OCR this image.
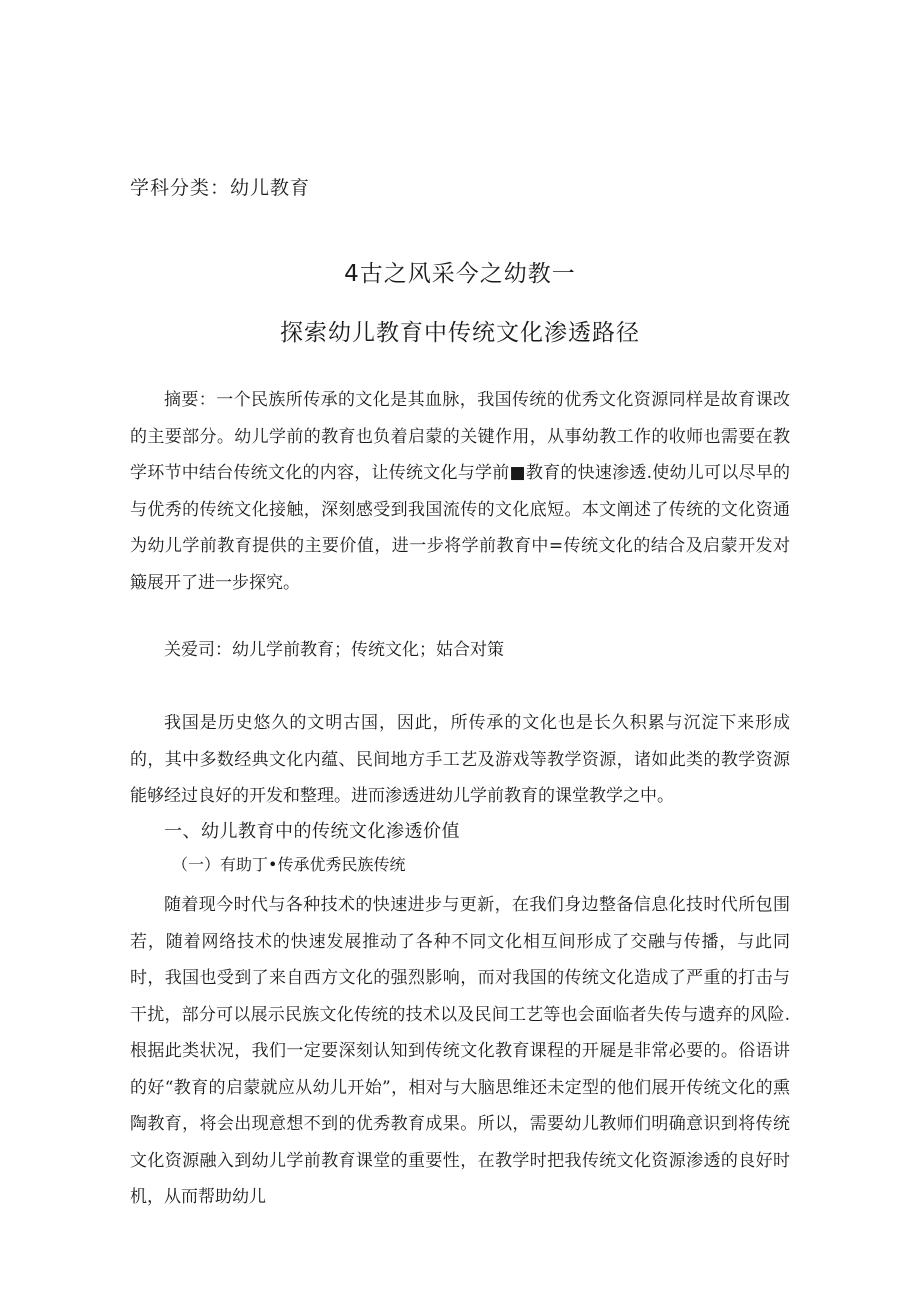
学科分类：幼儿教育
4古之风采今之幼教一
探索幼儿教育中传统文化渗透路径

摘要：一个民族所传承的文化是其血脉，我国传统的优秀文化资源同样是故育课改的主要部分。幼儿学前的教育也负着启蒙的关键作用，从事幼教工作的收师也需要在教学环节中结台传统文化的内容，让传统文化与学前■教育的快速渗透.使幼儿可以尽早的与优秀的传统文化接触，深刻感受到我国流传的文化底短。本文阐述了传统的文化资通为幼儿学前教育提供的主要价值，进一步将学前教育中=传统文化的结合及启蒙开发对簸展开了进一步探究。

关爱司：幼儿学前教育；传统文化；姑合对策

我国是历史悠久的文明古国，因此，所传承的文化也是长久积累与沉淀下来形成的，其中多数经典文化内蕴、民间地方手工艺及游戏等教学资源，诸如此类的教学资源能够经过良好的开发和整理。进而渗透进幼儿学前教育的课堂教学之中。

一、幼儿教育中的传统文化渗透价值
（一）有助丁•传承优秀民族传统

随着现今时代与各种技术的快速进步与更新，在我们身边整备信息化技时代所包围若，随着网络技术的快速发展推动了各种不同文化相互间形成了交融与传播，与此同时，我国也受到了来自西方文化的强烈影响，而对我国的传统文化造成了严重的打击与干扰，部分可以展示民族文化传统的技术以及民间工艺等也会面临者失传与遗弃的风险.根据此类状况，我们一定要深刻认知到传统文化教育课程的开屣是非常必要的。俗语讲的好“教育的启蒙就应从幼儿开始”，相对与大脑思维还未定型的他们展开传统文化的熏陶教育，将会出现意想不到的优秀教育成果。所以，需要幼儿教师们明确意识到将传统文化资源融入到幼儿学前教育课堂的重要性，在教学时把我传统文化资源渗透的良好时机，从而帮助幼儿
